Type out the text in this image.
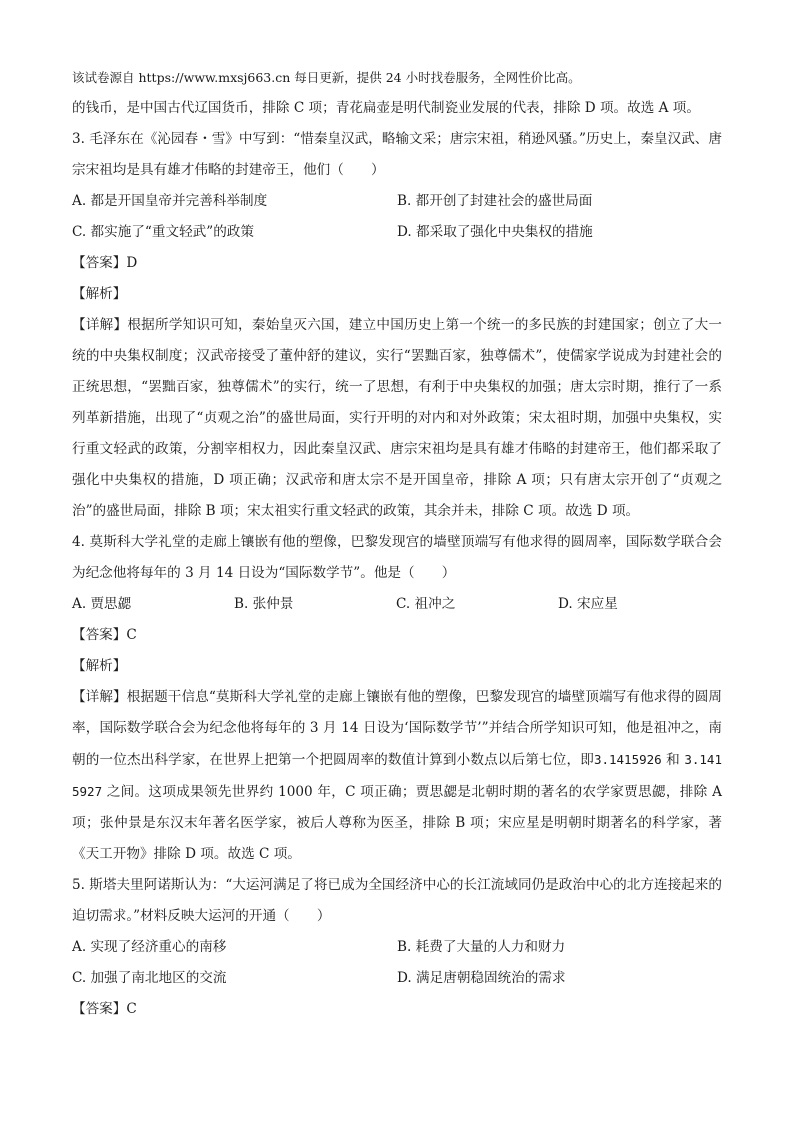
该试卷源自 https://www.mxsj663.cn 每日更新，提供 24 小时找卷服务，全网性价比高。
的钱币，是中国古代辽国货币，排除 C 项；青花扁壶是明代制瓷业发展的代表，排除 D 项。故选 A 项。
3. 毛泽东在《沁园春・雪》中写到：“惜秦皇汉武，略输文采；唐宗宋祖，稍逊风骚。”历史上，秦皇汉武、唐宗宋祖均是具有雄才伟略的封建帝王，他们（　　）
A. 都是开国皇帝并完善科举制度	B. 都开创了封建社会的盛世局面
C. 都实施了“重文轻武”的政策	D. 都采取了强化中央集权的措施
【答案】D
【解析】
【详解】根据所学知识可知，秦始皇灭六国，建立中国历史上第一个统一的多民族的封建国家；创立了大一统的中央集权制度；汉武帝接受了董仲舒的建议，实行“罢黜百家，独尊儒术”，使儒家学说成为封建社会的正统思想，“罢黜百家，独尊儒术”的实行，统一了思想，有利于中央集权的加强；唐太宗时期，推行了一系列革新措施，出现了“贞观之治”的盛世局面，实行开明的对内和对外政策；宋太祖时期，加强中央集权，实行重文轻武的政策，分割宰相权力，因此秦皇汉武、唐宗宋祖均是具有雄才伟略的封建帝王，他们都采取了强化中央集权的措施，D 项正确；汉武帝和唐太宗不是开国皇帝，排除 A 项；只有唐太宗开创了“贞观之治”的盛世局面，排除 B 项；宋太祖实行重文轻武的政策，其余并未，排除 C 项。故选 D 项。
4. 莫斯科大学礼堂的走廊上镶嵌有他的塑像，巴黎发现宫的墙壁顶端写有他求得的圆周率，国际数学联合会为纪念他将每年的 3 月 14 日设为“国际数学节”。他是（　　）
A. 贾思勰	B. 张仲景	C. 祖冲之	D. 宋应星
【答案】C
【解析】
【详解】根据题干信息“莫斯科大学礼堂的走廊上镶嵌有他的塑像，巴黎发现宫的墙壁顶端写有他求得的圆周率，国际数学联合会为纪念他将每年的 3 月 14 日设为‘国际数学节’”并结合所学知识可知，他是祖冲之，南朝的一位杰出科学家，在世界上把第一个把圆周率的数值计算到小数点以后第七位，即3.1415926 和 3.1415927 之间。这项成果领先世界约 1000 年，C 项正确；贾思勰是北朝时期的著名的农学家贾思勰，排除 A 项；张仲景是东汉末年著名医学家，被后人尊称为医圣，排除 B 项；宋应星是明朝时期著名的科学家，著《天工开物》排除 D 项。故选 C 项。
5. 斯塔夫里阿诺斯认为：“大运河满足了将已成为全国经济中心的长江流域同仍是政治中心的北方连接起来的迫切需求。”材料反映大运河的开通（　　）
A. 实现了经济重心的南移	B. 耗费了大量的人力和财力
C. 加强了南北地区的交流	D. 满足唐朝稳固统治的需求
【答案】C
